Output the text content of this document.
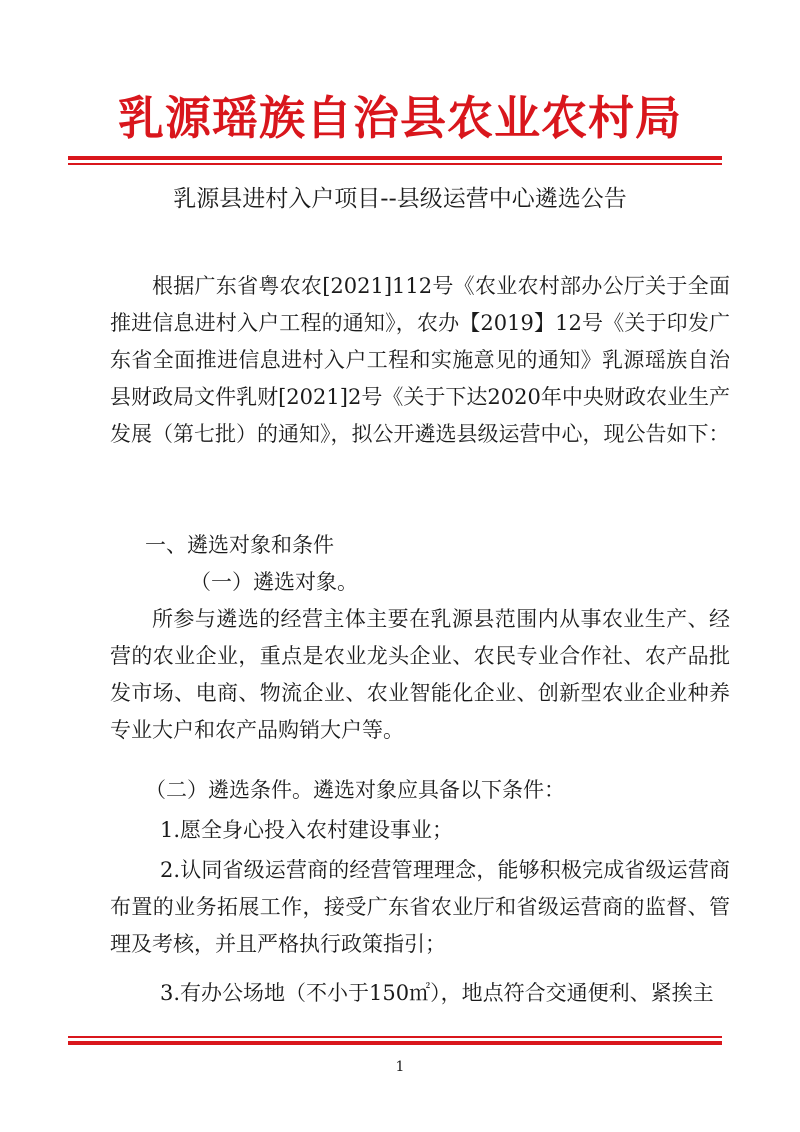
乳源瑶族自治县农业农村局
乳源县进村入户项目--县级运营中心遴选公告

根据广东省粤农农[2021]112号《农业农村部办公厅关于全面推进信息进村入户工程的通知》，农办【2019】12号《关于印发广东省全面推进信息进村入户工程和实施意见的通知》乳源瑶族自治县财政局文件乳财[2021]2号《关于下达2020年中央财政农业生产发展（第七批）的通知》，拟公开遴选县级运营中心，现公告如下：

一、遴选对象和条件
（一）遴选对象。

所参与遴选的经营主体主要在乳源县范围内从事农业生产、经营的农业企业，重点是农业龙头企业、农民专业合作社、农产品批发市场、电商、物流企业、农业智能化企业、创新型农业企业种养专业大户和农产品购销大户等。

（二）遴选条件。遴选对象应具备以下条件：

1.愿全身心投入农村建设事业；

2.认同省级运营商的经营管理理念，能够积极完成省级运营商布置的业务拓展工作，接受广东省农业厅和省级运营商的监督、管理及考核，并且严格执行政策指引；

3.有办公场地（不小于150㎡），地点符合交通便利、紧挨主

1
